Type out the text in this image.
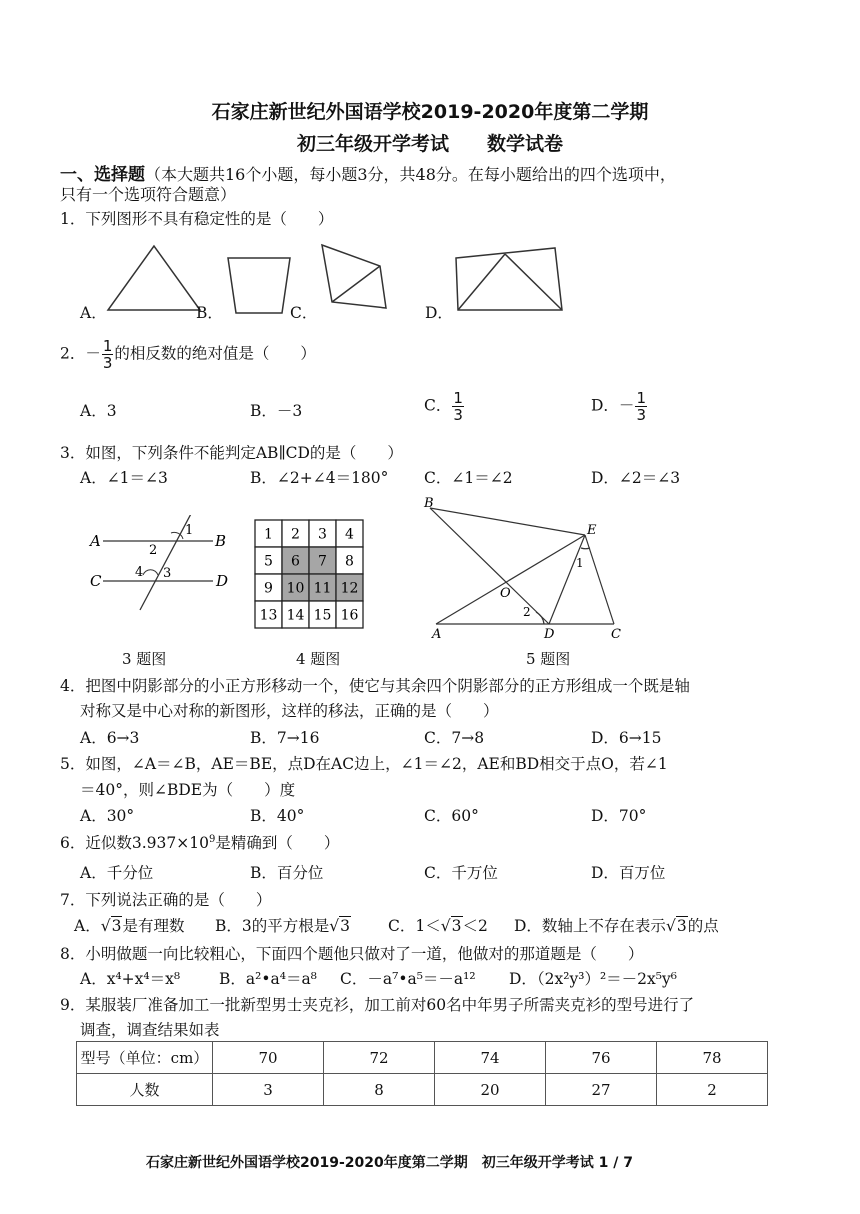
石家庄新世纪外国语学校2019-2020年度第二学期
初三年级开学考试　　数学试卷
一、选择题（本大题共16个小题，每小题3分，共48分。在每小题给出的四个选项中，
只有一个选项符合题意）
1．下列图形不具有稳定性的是（　　）
A．	B．	C．	D．
2．－ $\frac{1}{3}$ 的相反数的绝对值是（　　）
A．3	B．－3	C． $\frac{1}{3}$	D．－ $\frac{1}{3}$
3．如图，下列条件不能判定AB∥CD的是（　　）
A．∠1＝∠3	B．∠2+∠4＝180° C．∠1＝∠2	D．∠2＝∠3
A	B
C	D
1
2
3
4
3 题图
1 2 3 4
5 6 7 8
9 10 11 12
13 14 15 16
4 题图
B
E
O
A	D	C
1
2
5 题图
4．把图中阴影部分的小正方形移动一个，使它与其余四个阴影部分的正方形组成一个既是轴
对称又是中心对称的新图形，这样的移法，正确的是（　　）
A．6→3	B．7→16	C．7→8	D．6→15
5．如图，∠A＝∠B，AE＝BE，点D在AC边上，∠1＝∠2，AE和BD相交于点O，若∠1
＝40°，则∠BDE为（　　）度
A．30°	B．40°	C．60°	D．70°
6．近似数$3.937\times 10^9$是精确到（　　）
A．千分位	B．百分位	C．千万位	D．百万位
7．下列说法正确的是（　　）
A．√3是有理数 B．3的平方根是√3 C．1＜√3＜2 D．数轴上不存在表示√3的点
8．小明做题一向比较粗心，下面四个题他只做对了一道，他做对的那道题是（　　）
A．x⁴+x⁴＝x⁸	B．a²•a⁴＝a⁸ C．－a⁷•a⁵＝－a¹² D．（2x²y³）²＝－2x⁵y⁶
9．某服装厂准备加工一批新型男士夹克衫，加工前对60名中年男子所需夹克衫的型号进行了
调查，调查结果如表
型号（单位：cm）	70	72	74	76	78
人数	3	8	20	27	2
石家庄新世纪外国语学校2019-2020年度第二学期　初三年级开学考试 1 / 7
